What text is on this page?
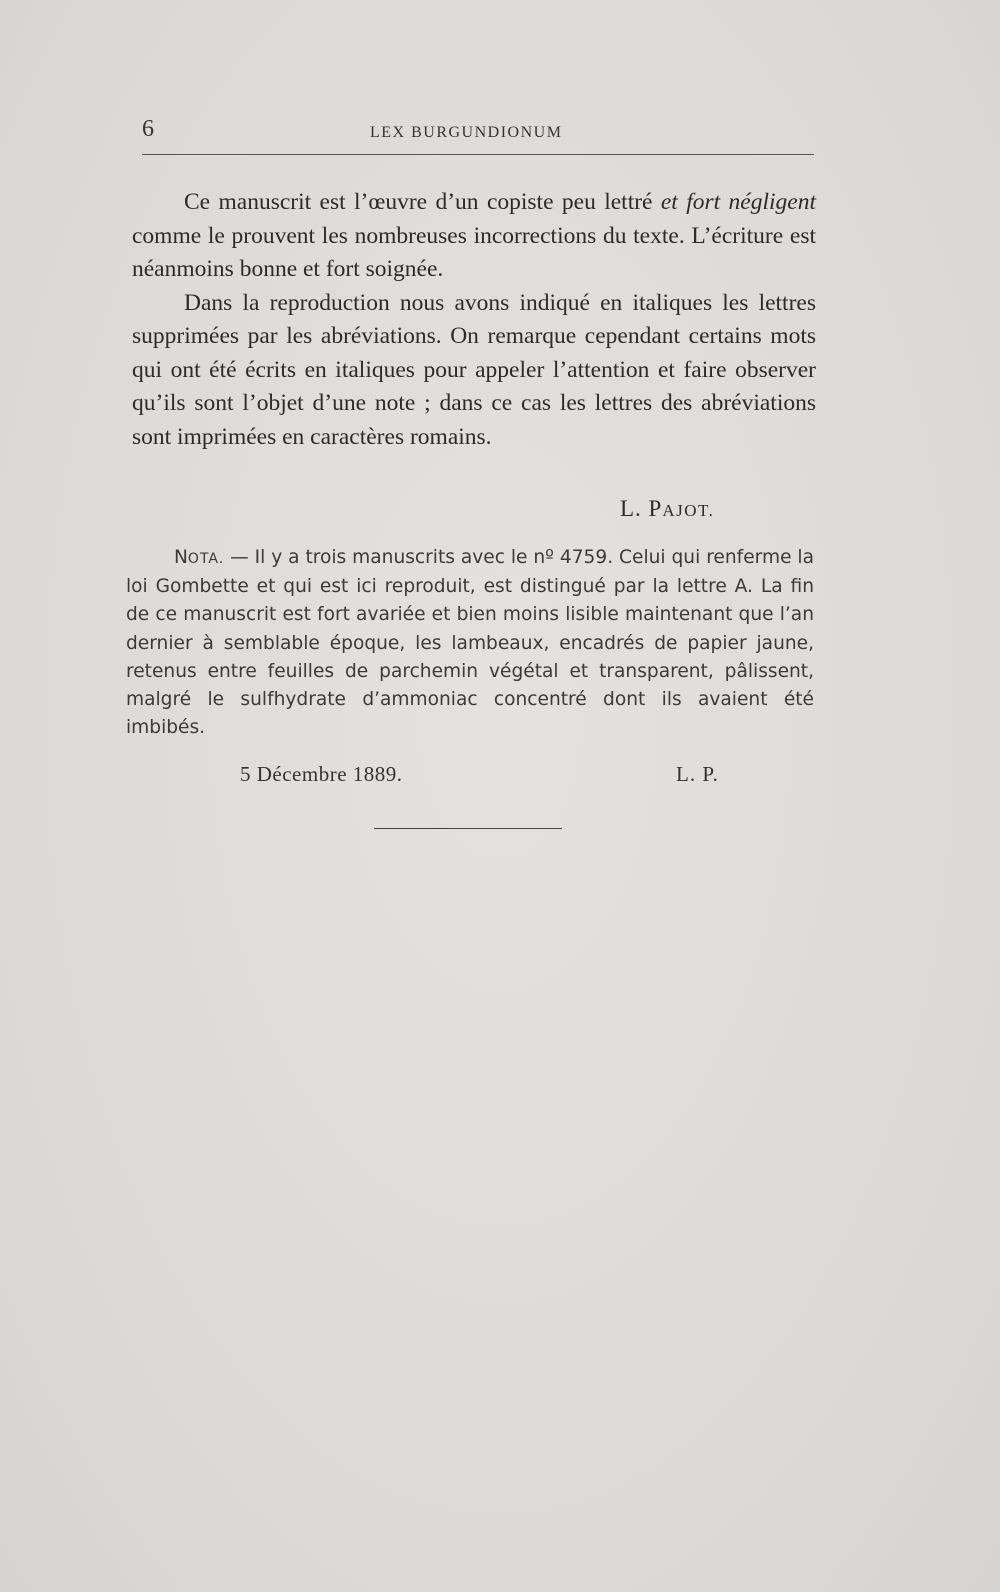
6	LEX BURGUNDIONUM

Ce manuscrit est l’œuvre d’un copiste peu lettré et fort négligent comme le prouvent les nombreuses incorrections du texte. L’écriture est néanmoins bonne et fort soignée.

Dans la reproduction nous avons indiqué en italiques les lettres supprimées par les abréviations. On remarque cependant certains mots qui ont été écrits en italiques pour appeler l’attention et faire observer qu’ils sont l’objet d’une note ; dans ce cas les lettres des abréviations sont imprimées en caractères romains.

L. PAJOT.

NOTA. — Il y a trois manuscrits avec le nº 4759. Celui qui renferme la loi Gombette et qui est ici reproduit, est distingué par la lettre A. La fin de ce manuscrit est fort avariée et bien moins lisible maintenant que l’an dernier à semblable époque, les lambeaux, encadrés de papier jaune, retenus entre feuilles de parchemin végétal et transparent, pâlissent, malgré le sulfhydrate d’ammoniac concentré dont ils avaient été imbibés.

5 Décembre 1889.	L. P.
